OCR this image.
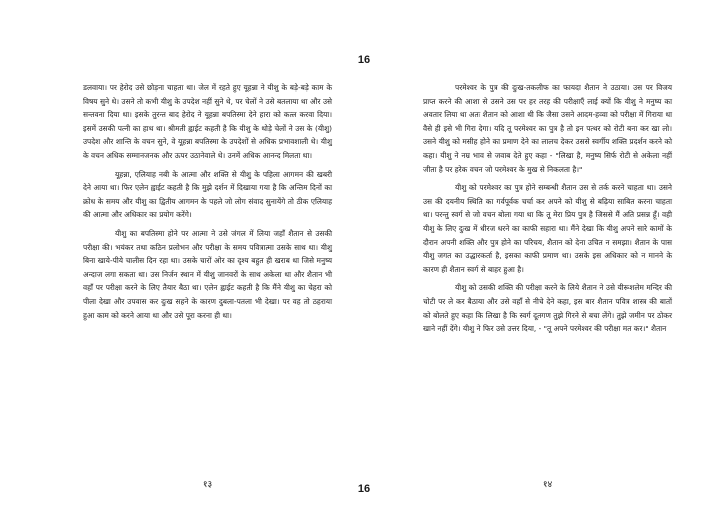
16

डलवाया। पर हेरोद उसे छोड़ना चाहता था। जेल में रहते हुए यूहन्ना ने यीशु के बड़े-बड़े काम के विषय सुने थे। उसने तो कभी यीशु के उपदेश नहीं सुने थे, पर चेलों ने उसे बतलाया था और उसे सन्तवना दिया था। इसके तुरन्त बाद हेरोद ने यूहन्ना बपतिस्मा देने हारा को कत्ल करवा दिया। इसमें उसकी पत्नी का हाथ था। श्रीमती ह्वाईट कहती है कि यीशु के थोड़े चेलों ने उस के (यीशु) उपदेश और शान्ति के वचन सुने, वे यूहन्ना बपतिस्मा के उपदेशों से अधिक प्रभावशाली थे। यीशु के वचन अधिक सम्मानजनक और ऊपर उठानेवाले थे। उनमें अधिक आनन्द मिलता था।

यूहन्ना, एलियाह नबी के आत्मा और शक्ति से यीशु के पहिला आगमन की खबरी देने आया था। फिर एलेन ह्वाईट कहती है कि मुझे दर्शन में दिखाया गया है कि अन्तिम दिनों का क्रोध के समय और यीशु का द्वितीय आगमन के पहले जो लोग संवाद सुनायेंगे तो ठीक एलियाह की आत्मा और अधिकार का प्रयोग करेंगे।

यीशु का बपतिस्मा होने पर आत्मा ने उसे जंगल में लिया जहाँ शैतान से उसकी परीक्षा की। भयंकर तथा कठिन प्रलोभन और परीक्षा के समय पवित्रात्मा उसके साथ था। यीशु बिना खाये-पीये चालीस दिन रहा था। उसके चारों ओर का दृश्य बहुत ही खराब था जिसे मनुष्य अन्दाज लगा सकता था। उस निर्जन स्थान में यीशु जानवरों के साथ अकेला था और शैतान भी वहाँ पर परीक्षा करने के लिए तैयार बैठा था। एलेन ह्वाईट कहती है कि मैंने यीशु का चेहरा को पीला देखा और उपवास कर दुःख सहने के कारण दुबला-पतला भी देखा। पर वह तो ठहराया हुआ काम को करने आया था और उसे पूरा करना ही था।

परमेश्वर के पुत्र की दुःख-तकलीफ का फायदा शैतान ने उठाया। उस पर विजय प्राप्त करने की आशा से उसने उस पर हर तरह की परीक्षाएँ लाई क्यों कि यीशु ने मनुष्य का अवतार लिया था अतः शैतान को आशा थी कि जैसा उसने आदम-हव्वा को परीक्षा में गिराया था वैसे ही इसे भी गिरा देगा। यदि तू परमेश्वर का पुत्र है तो इन पत्थर को रोटी बना कर खा लो। उसने यीशु को मसीह होने का प्रमाण देने का लालच देकर उससे स्वर्गीय शक्ति प्रदर्शन करने को कहा। यीशु ने नम्र भाव से जवाब देते हुए कहा - "लिखा है, मनुष्य सिर्फ रोटी से अकेला नहीं जीता है पर हरेक वचन जो परमेश्वर के मुख से निकलता है।"

यीशु को परमेश्वर का पुत्र होने सम्बन्धी शैतान उस से तर्क करने चाहता था। उसने उस की दयनीय स्थिति का गर्वपूर्वक चर्चा कर अपने को यीशु से बढ़िया साबित करना चाहता था। परन्तु स्वर्ग से जो वचन बोला गया था कि तू मेरा प्रिय पुत्र है जिससे मैं अति प्रसन्न हूँ। वही यीशु के लिए दुःख में धीरज धरने का काफी सहारा था। मैंने देखा कि यीशु अपने सारे कामों के दौरान अपनी शक्ति और पुत्र होने का परिचय, शैतान को देना उचित न समझा। शैतान के पास यीशु जगत का उद्धारकर्ता है, इसका काफी प्रमाण था। उसके इस अधिकार को न मानने के कारण ही शैतान स्वर्ग से बाहर हुआ है।

यीशु को उसकी शक्ति की परीक्षा करने के लिये शैतान ने उसे यीरूशलेम मन्दिर की चोटी पर ले कर बैठाया और उसे वहाँ से नीचे देने कहा, इस बार शैतान पवित्र शास्त्र की बातों को बोलते हुए कहा कि लिखा है कि स्वर्ग दूतगण तुझे गिरने से बचा लेंगे। तुझे जमीन पर ठोकर खाने नहीं देंगे। यीशु ने फिर उसे उत्तर दिया, - "तू अपने परमेश्वर की परीक्षा मत कर।" शैतान

१३	१४
16
